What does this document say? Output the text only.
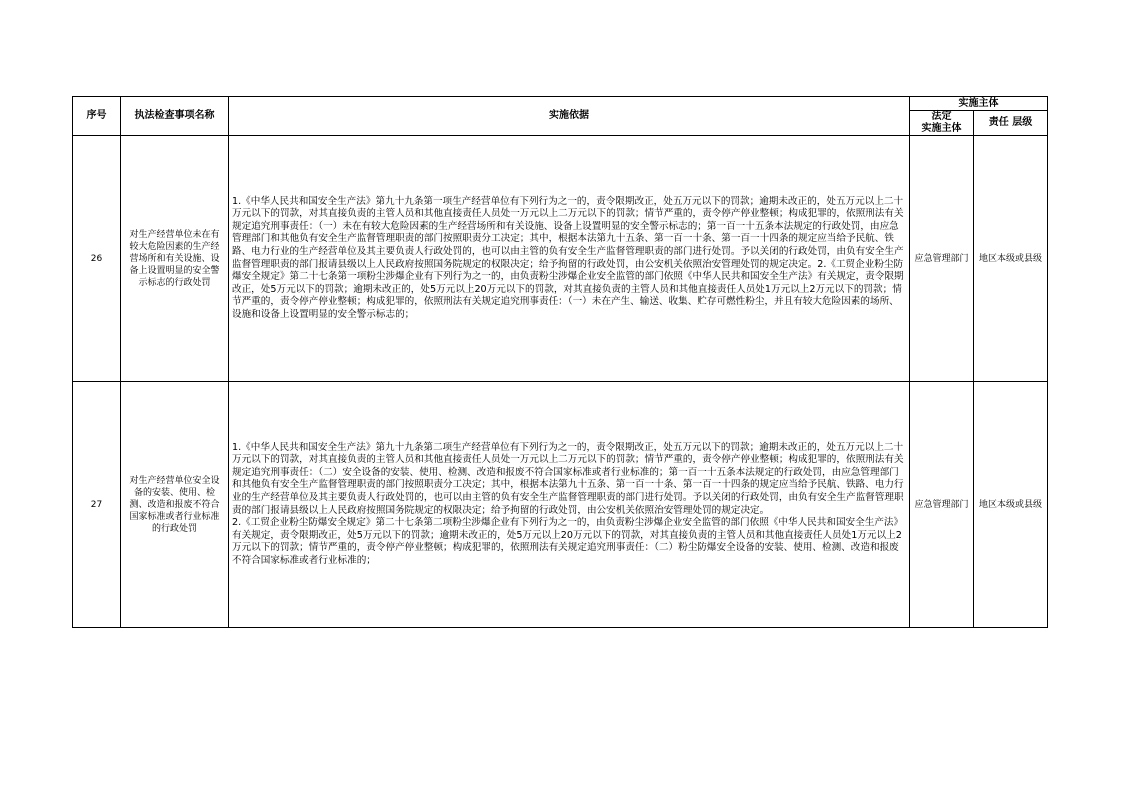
序号	执法检查事项名称	实施依据	实施主体	
			法定
实施主体	责任 层级
26	对生产经营单位未在有较大危险因素的生产经营场所和有关设施、设备上设置明显的安全警示标志的行政处罚	1.《中华人民共和国安全生产法》第九十九条第一项生产经营单位有下列行为之一的，责令限期改正，处五万元以下的罚款；逾期未改正的，处五万元以上二十万元以下的罚款，对其直接负责的主管人员和其他直接责任人员处一万元以上二万元以下的罚款；情节严重的，责令停产停业整顿；构成犯罪的，依照刑法有关规定追究刑事责任：（一）未在有较大危险因素的生产经营场所和有关设施、设备上设置明显的安全警示标志的；第一百一十五条本法规定的行政处罚，由应急管理部门和其他负有安全生产监督管理职责的部门按照职责分工决定；其中，根据本法第九十五条、第一百一十条、第一百一十四条的规定应当给予民航、铁路、电力行业的生产经营单位及其主要负责人行政处罚的，也可以由主管的负有安全生产监督管理职责的部门进行处罚。予以关闭的行政处罚，由负有安全生产监督管理职责的部门报请县级以上人民政府按照国务院规定的权限决定；给予拘留的行政处罚，由公安机关依照治安管理处罚的规定决定。2.《工贸企业粉尘防爆安全规定》第二十七条第一项粉尘涉爆企业有下列行为之一的，由负责粉尘涉爆企业安全监管的部门依照《中华人民共和国安全生产法》有关规定，责令限期改正，处5万元以下的罚款；逾期未改正的，处5万元以上20万元以下的罚款，对其直接负责的主管人员和其他直接责任人员处1万元以上2万元以下的罚款；情节严重的，责令停产停业整顿；构成犯罪的，依照刑法有关规定追究刑事责任：（一）未在产生、输送、收集、贮存可燃性粉尘，并且有较大危险因素的场所、设施和设备上设置明显的安全警示标志的；	应急管理部门	地区本级或县级
27	对生产经营单位安全设备的安装、使用、检测、改造和报废不符合国家标准或者行业标准的行政处罚	1.《中华人民共和国安全生产法》第九十九条第二项生产经营单位有下列行为之一的，责令限期改正，处五万元以下的罚款；逾期未改正的，处五万元以上二十万元以下的罚款，对其直接负责的主管人员和其他直接责任人员处一万元以上二万元以下的罚款；情节严重的，责令停产停业整顿；构成犯罪的，依照刑法有关规定追究刑事责任：（二）安全设备的安装、使用、检测、改造和报废不符合国家标准或者行业标准的；第一百一十五条本法规定的行政处罚，由应急管理部门和其他负有安全生产监督管理职责的部门按照职责分工决定；其中，根据本法第九十五条、第一百一十条、第一百一十四条的规定应当给予民航、铁路、电力行业的生产经营单位及其主要负责人行政处罚的，也可以由主管的负有安全生产监督管理职责的部门进行处罚。予以关闭的行政处罚，由负有安全生产监督管理职责的部门报请县级以上人民政府按照国务院规定的权限决定；给予拘留的行政处罚，由公安机关依照治安管理处罚的规定决定。
2.《工贸企业粉尘防爆安全规定》第二十七条第二项粉尘涉爆企业有下列行为之一的，由负责粉尘涉爆企业安全监管的部门依照《中华人民共和国安全生产法》有关规定，责令限期改正，处5万元以下的罚款；逾期未改正的，处5万元以上20万元以下的罚款，对其直接负责的主管人员和其他直接责任人员处1万元以上2万元以下的罚款；情节严重的，责令停产停业整顿；构成犯罪的，依照刑法有关规定追究刑事责任：（二）粉尘防爆安全设备的安装、使用、检测、改造和报废不符合国家标准或者行业标准的；	应急管理部门	地区本级或县级
